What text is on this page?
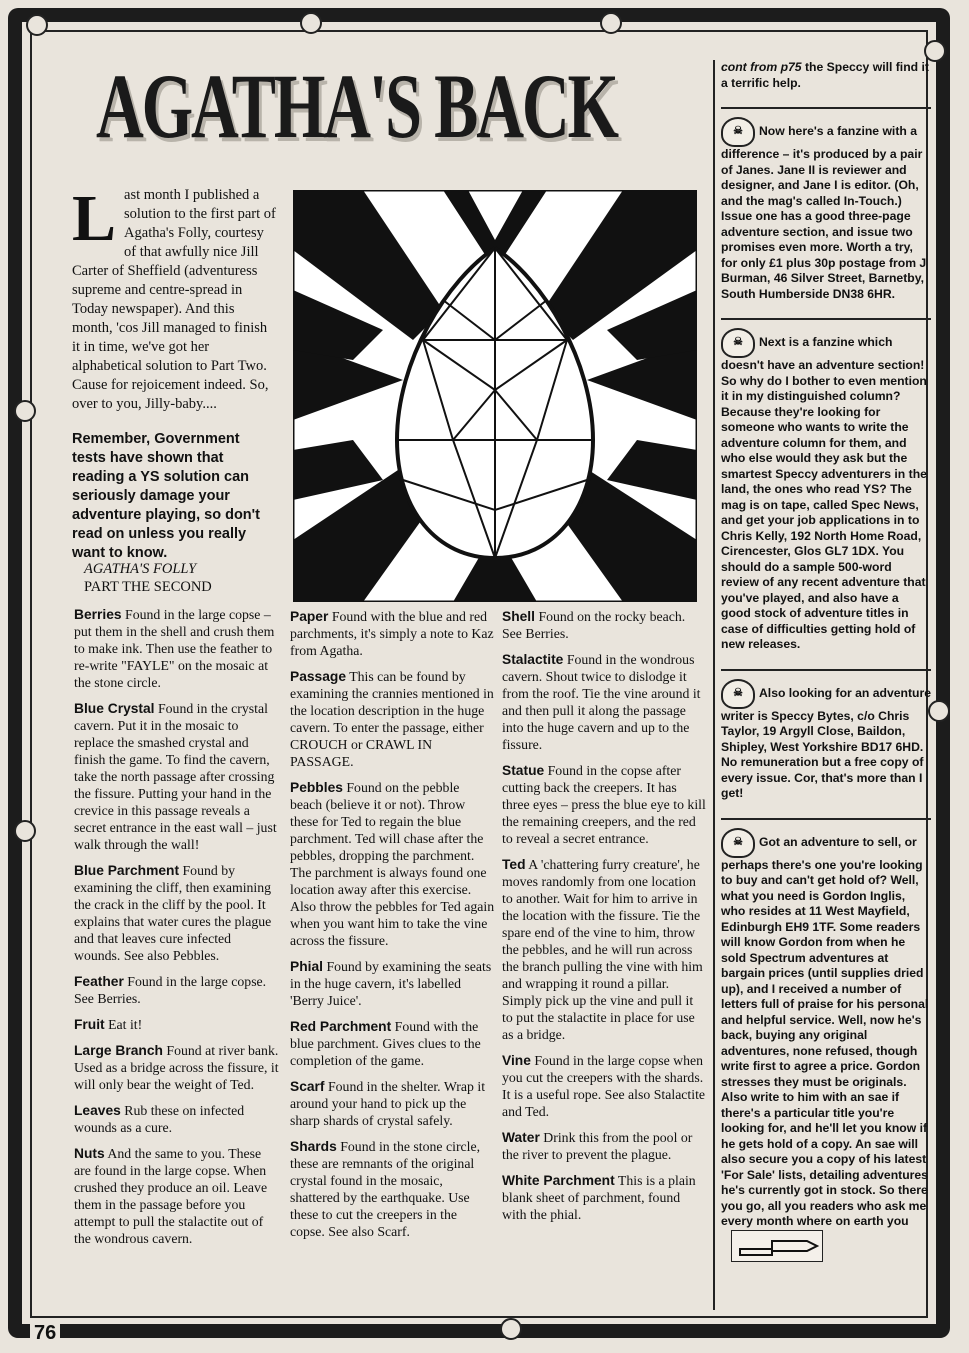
AGATHA'S BACK

Last month I published a solution to the first part of Agatha's Folly, courtesy of that awfully nice Jill Carter of Sheffield (adventuress supreme and centre-spread in Today newspaper). And this month, 'cos Jill managed to finish it in time, we've got her alphabetical solution to Part Two. Cause for rejoicement indeed. So, over to you, Jilly-baby....

Remember, Government tests have shown that reading a YS solution can seriously damage your adventure playing, so don't read on unless you really want to know.

AGATHA'S FOLLY
PART THE SECOND
Berries Found in the large copse – put them in the shell and crush them to make ink. Then use the feather to re-write "FAYLE" on the mosaic at the stone circle.
Blue Crystal Found in the crystal cavern. Put it in the mosaic to replace the smashed crystal and finish the game. To find the cavern, take the north passage after crossing the fissure. Putting your hand in the crevice in this passage reveals a secret entrance in the east wall – just walk through the wall!
Blue Parchment Found by examining the cliff, then examining the crack in the cliff by the pool. It explains that water cures the plague and that leaves cure infected wounds. See also Pebbles.
Feather Found in the large copse. See Berries.
Fruit Eat it!
Large Branch Found at river bank. Used as a bridge across the fissure, it will only bear the weight of Ted.
Leaves Rub these on infected wounds as a cure.
Nuts And the same to you. These are found in the large copse. When crushed they produce an oil. Leave them in the passage before you attempt to pull the stalactite out of the wondrous cavern.
Paper Found with the blue and red parchments, it's simply a note to Kaz from Agatha.
Passage This can be found by examining the crannies mentioned in the location description in the huge cavern. To enter the passage, either CROUCH or CRAWL IN PASSAGE.
Pebbles Found on the pebble beach (believe it or not). Throw these for Ted to regain the blue parchment. Ted will chase after the pebbles, dropping the parchment. The parchment is always found one location away after this exercise. Also throw the pebbles for Ted again when you want him to take the vine across the fissure.
Phial Found by examining the seats in the huge cavern, it's labelled 'Berry Juice'.
Red Parchment Found with the blue parchment. Gives clues to the completion of the game.
Scarf Found in the shelter. Wrap it around your hand to pick up the sharp shards of crystal safely.
Shards Found in the stone circle, these are remnants of the original crystal found in the mosaic, shattered by the earthquake. Use these to cut the creepers in the copse. See also Scarf.
Shell Found on the rocky beach. See Berries.
Stalactite Found in the wondrous cavern. Shout twice to dislodge it from the roof. Tie the vine around it and then pull it along the passage into the huge cavern and up to the fissure.
Statue Found in the copse after cutting back the creepers. It has three eyes – press the blue eye to kill the remaining creepers, and the red to reveal a secret entrance.
Ted A 'chattering furry creature', he moves randomly from one location to another. Wait for him to arrive in the location with the fissure. Tie the spare end of the vine to him, throw the pebbles, and he will run across the branch pulling the vine with him and wrapping it round a pillar. Simply pick up the vine and pull it to put the stalactite in place for use as a bridge.
Vine Found in the large copse when you cut the creepers with the shards. It is a useful rope. See also Stalactite and Ted.
Water Drink this from the pool or the river to prevent the plague.
White Parchment This is a plain blank sheet of parchment, found with the phial.
cont from p75 the Speccy will find it a terrific help.
☠ Now here's a fanzine with a difference – it's produced by a pair of Janes. Jane II is reviewer and designer, and Jane I is editor. (Oh, and the mag's called In-Touch.) Issue one has a good three-page adventure section, and issue two promises even more. Worth a try, for only £1 plus 30p postage from J Burman, 46 Silver Street, Barnetby, South Humberside DN38 6HR.
☠ Next is a fanzine which doesn't have an adventure section! So why do I bother to even mention it in my distinguished column? Because they're looking for someone who wants to write the adventure column for them, and who else would they ask but the smartest Speccy adventurers in the land, the ones who read YS? The mag is on tape, called Spec News, and get your job applications in to Chris Kelly, 192 North Home Road, Cirencester, Glos GL7 1DX. You should do a sample 500-word review of any recent adventure that you've played, and also have a good stock of adventure titles in case of difficulties getting hold of new releases.
☠ Also looking for an adventure writer is Speccy Bytes, c/o Chris Taylor, 19 Argyll Close, Baildon, Shipley, West Yorkshire BD17 6HD. No remuneration but a free copy of every issue. Cor, that's more than I get!
☠ Got an adventure to sell, or perhaps there's one you're looking to buy and can't get hold of? Well, what you need is Gordon Inglis, who resides at 11 West Mayfield, Edinburgh EH9 1TF. Some readers will know Gordon from when he sold Spectrum adventures at bargain prices (until supplies dried up), and I received a number of letters full of praise for his personal and helpful service. Well, now he's back, buying any original adventures, none refused, though write first to agree a price. Gordon stresses they must be originals. Also write to him with an sae if there's a particular title you're looking for, and he'll let you know if he gets hold of a copy. An sae will also secure you a copy of his latest 'For Sale' lists, detailing adventures he's currently got in stock. So there you go, all you readers who ask me every month where on earth you
76
